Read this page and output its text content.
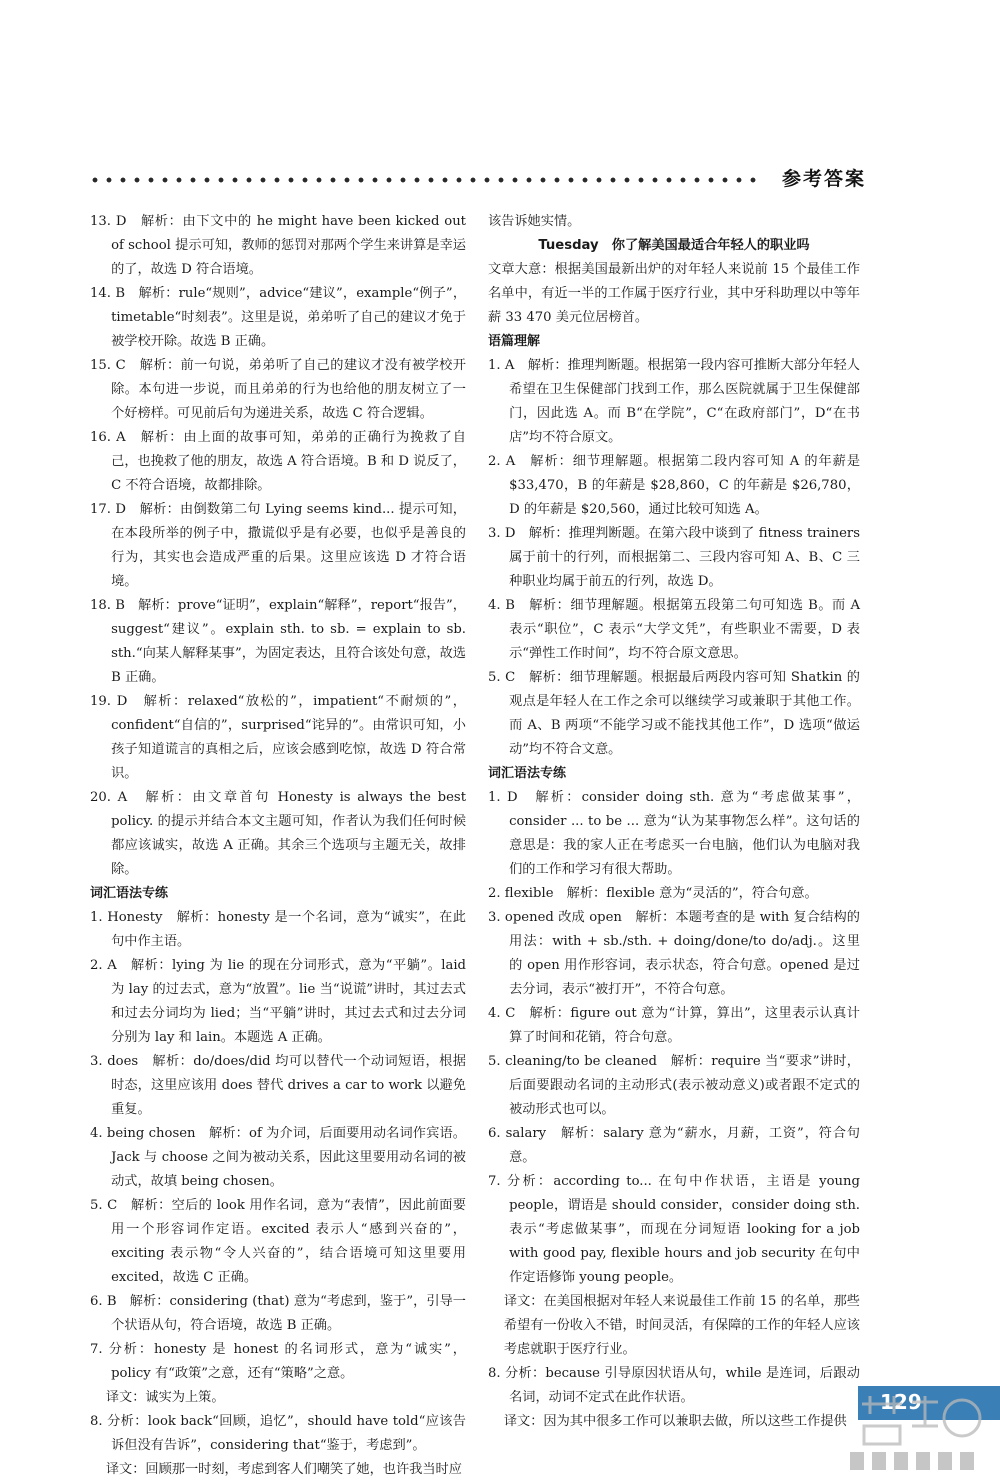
参考答案

13. D　解析：由下文中的 he might have been kicked out of school 提示可知，教师的惩罚对那两个学生来讲算是幸运的了，故选 D 符合语境。

14. B　解析：rule“规则”，advice“建议”，example“例子”，timetable“时刻表”。这里是说，弟弟听了自己的建议才免于被学校开除。故选 B 正确。

15. C　解析：前一句说，弟弟听了自己的建议才没有被学校开除。本句进一步说，而且弟弟的行为也给他的朋友树立了一个好榜样。可见前后句为递进关系，故选 C 符合逻辑。

16. A　解析：由上面的故事可知，弟弟的正确行为挽救了自己，也挽救了他的朋友，故选 A 符合语境。B 和 D 说反了，C 不符合语境，故都排除。

17. D　解析：由倒数第二句 Lying seems kind... 提示可知，在本段所举的例子中，撒谎似乎是有必要，也似乎是善良的行为，其实也会造成严重的后果。这里应该选 D 才符合语境。

18. B　解析：prove“证明”，explain“解释”，report“报告”，suggest“建议”。explain sth. to sb. = explain to sb. sth.“向某人解释某事”，为固定表达，且符合该处句意，故选 B 正确。

19. D　解析：relaxed“放松的”，impatient“不耐烦的”，confident“自信的”，surprised“诧异的”。由常识可知，小孩子知道谎言的真相之后，应该会感到吃惊，故选 D 符合常识。

20. A　解析：由文章首句 Honesty is always the best policy. 的提示并结合本文主题可知，作者认为我们任何时候都应该诚实，故选 A 正确。其余三个选项与主题无关，故排除。

词汇语法专练

1. Honesty　解析：honesty 是一个名词，意为“诚实”，在此句中作主语。

2. A　解析：lying 为 lie 的现在分词形式，意为“平躺”。laid 为 lay 的过去式，意为“放置”。lie 当“说谎”讲时，其过去式和过去分词均为 lied；当“平躺”讲时，其过去式和过去分词分别为 lay 和 lain。本题选 A 正确。

3. does　解析：do/does/did 均可以替代一个动词短语，根据时态，这里应该用 does 替代 drives a car to work 以避免重复。

4. being chosen　解析：of 为介词，后面要用动名词作宾语。Jack 与 choose 之间为被动关系，因此这里要用动名词的被动式，故填 being chosen。

5. C　解析：空后的 look 用作名词，意为“表情”，因此前面要用一个形容词作定语。excited 表示人“感到兴奋的”，exciting 表示物“令人兴奋的”，结合语境可知这里要用 excited，故选 C 正确。

6. B　解析：considering (that) 意为“考虑到，鉴于”，引导一个状语从句，符合语境，故选 B 正确。

7. 分析：honesty 是 honest 的名词形式，意为“诚实”，policy 有“政策”之意，还有“策略”之意。

译文：诚实为上策。

8. 分析：look back“回顾，追忆”，should have told“应该告诉但没有告诉”，considering that“鉴于，考虑到”。

译文：回顾那一时刻，考虑到客人们嘲笑了她，也许我当时应

该告诉她实情。

Tuesday　你了解美国最适合年轻人的职业吗

文章大意：根据美国最新出炉的对年轻人来说前 15 个最佳工作名单中，有近一半的工作属于医疗行业，其中牙科助理以中等年薪 33 470 美元位居榜首。

语篇理解

1. A　解析：推理判断题。根据第一段内容可推断大部分年轻人希望在卫生保健部门找到工作，那么医院就属于卫生保健部门，因此选 A。而 B“在学院”，C“在政府部门”，D“在书店”均不符合原文。

2. A　解析：细节理解题。根据第二段内容可知 A 的年薪是 $33,470，B 的年薪是 $28,860，C 的年薪是 $26,780，D 的年薪是 $20,560，通过比较可知选 A。

3. D　解析：推理判断题。在第六段中谈到了 fitness trainers 属于前十的行列，而根据第二、三段内容可知 A、B、C 三种职业均属于前五的行列，故选 D。

4. B　解析：细节理解题。根据第五段第二句可知选 B。而 A 表示“职位”，C 表示“大学文凭”，有些职业不需要，D 表示“弹性工作时间”，均不符合原文意思。

5. C　解析：细节理解题。根据最后两段内容可知 Shatkin 的观点是年轻人在工作之余可以继续学习或兼职于其他工作。而 A、B 两项“不能学习或不能找其他工作”，D 选项“做运动”均不符合文意。

词汇语法专练

1. D　解析：consider doing sth. 意为“考虑做某事”，consider ... to be ... 意为“认为某事物怎么样”。这句话的意思是：我的家人正在考虑买一台电脑，他们认为电脑对我们的工作和学习有很大帮助。

2. flexible　解析：flexible 意为“灵活的”，符合句意。

3. opened 改成 open　解析：本题考查的是 with 复合结构的用法：with + sb./sth. + doing/done/to do/adj.。这里的 open 用作形容词，表示状态，符合句意。opened 是过去分词，表示“被打开”，不符合句意。

4. C　解析：figure out 意为“计算，算出”，这里表示认真计算了时间和花销，符合句意。

5. cleaning/to be cleaned　解析：require 当“要求”讲时，后面要跟动名词的主动形式(表示被动意义)或者跟不定式的被动形式也可以。

6. salary　解析：salary 意为“薪水，月薪，工资”，符合句意。

7. 分析：according to... 在句中作状语，主语是 young people，谓语是 should consider，consider doing sth. 表示“考虑做某事”，而现在分词短语 looking for a job with good pay, flexible hours and job security 在句中作定语修饰 young people。

译文：在美国根据对年轻人来说最佳工作前 15 的名单，那些希望有一份收入不错，时间灵活，有保障的工作的年轻人应该考虑就职于医疗行业。

8. 分析：because 引导原因状语从句，while 是连词，后跟动名词，动词不定式在此作状语。

译文：因为其中很多工作可以兼职去做，所以这些工作提供

129
